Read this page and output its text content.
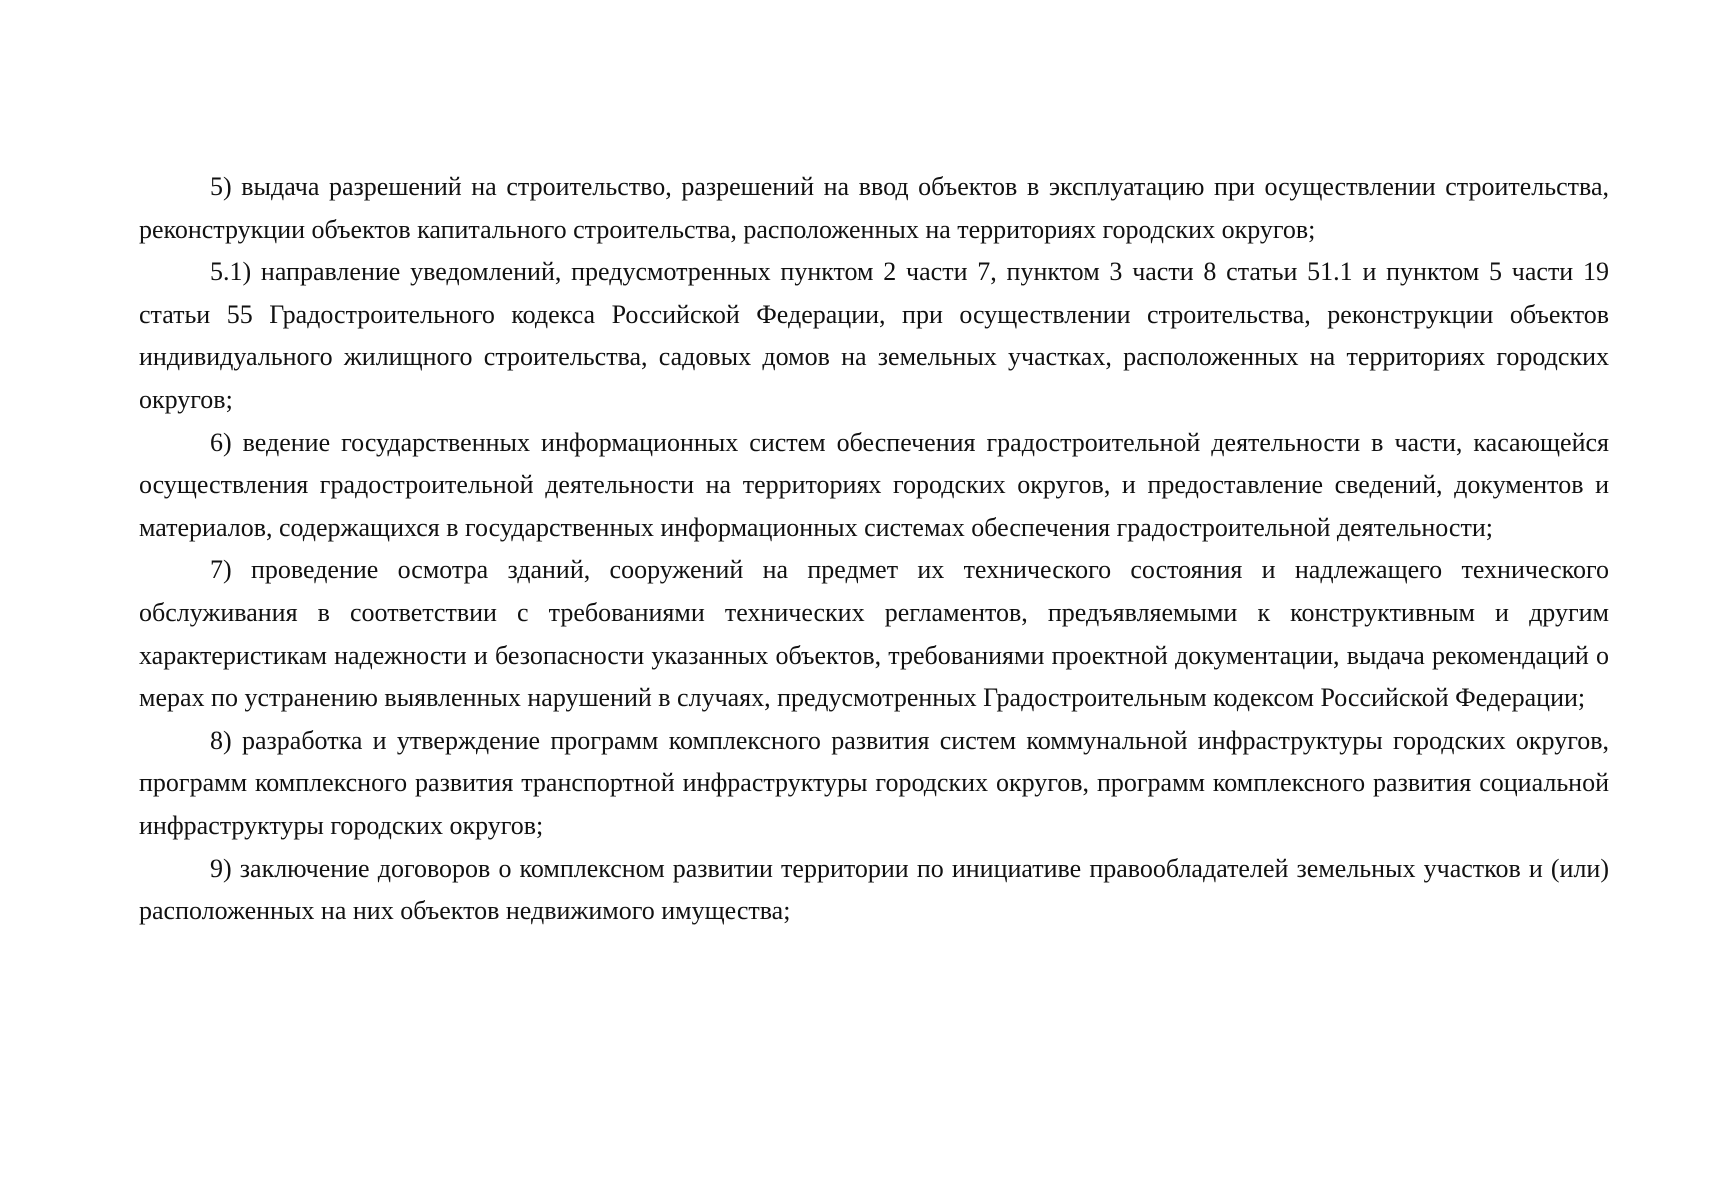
5) выдача разрешений на строительство, разрешений на ввод объектов в эксплуатацию при осуществлении строительства, реконструкции объектов капитального строительства, расположенных на территориях городских округов;

5.1) направление уведомлений, предусмотренных пунктом 2 части 7, пунктом 3 части 8 статьи 51.1 и пунктом 5 части 19 статьи 55 Градостроительного кодекса Российской Федерации, при осуществлении строительства, реконструкции объектов индивидуального жилищного строительства, садовых домов на земельных участках, расположенных на территориях городских округов;

6) ведение государственных информационных систем обеспечения градостроительной деятельности в части, касающейся осуществления градостроительной деятельности на территориях городских округов, и предоставление сведений, документов и материалов, содержащихся в государственных информационных системах обеспечения градостроительной деятельности;

7) проведение осмотра зданий, сооружений на предмет их технического состояния и надлежащего технического обслуживания в соответствии с требованиями технических регламентов, предъявляемыми к конструктивным и другим характеристикам надежности и безопасности указанных объектов, требованиями проектной документации, выдача рекомендаций о мерах по устранению выявленных нарушений в случаях, предусмотренных Градостроительным кодексом Российской Федерации;

8) разработка и утверждение программ комплексного развития систем коммунальной инфраструктуры городских округов, программ комплексного развития транспортной инфраструктуры городских округов, программ комплексного развития социальной инфраструктуры городских округов;

9) заключение договоров о комплексном развитии территории по инициативе правообладателей земельных участков и (или) расположенных на них объектов недвижимого имущества;
